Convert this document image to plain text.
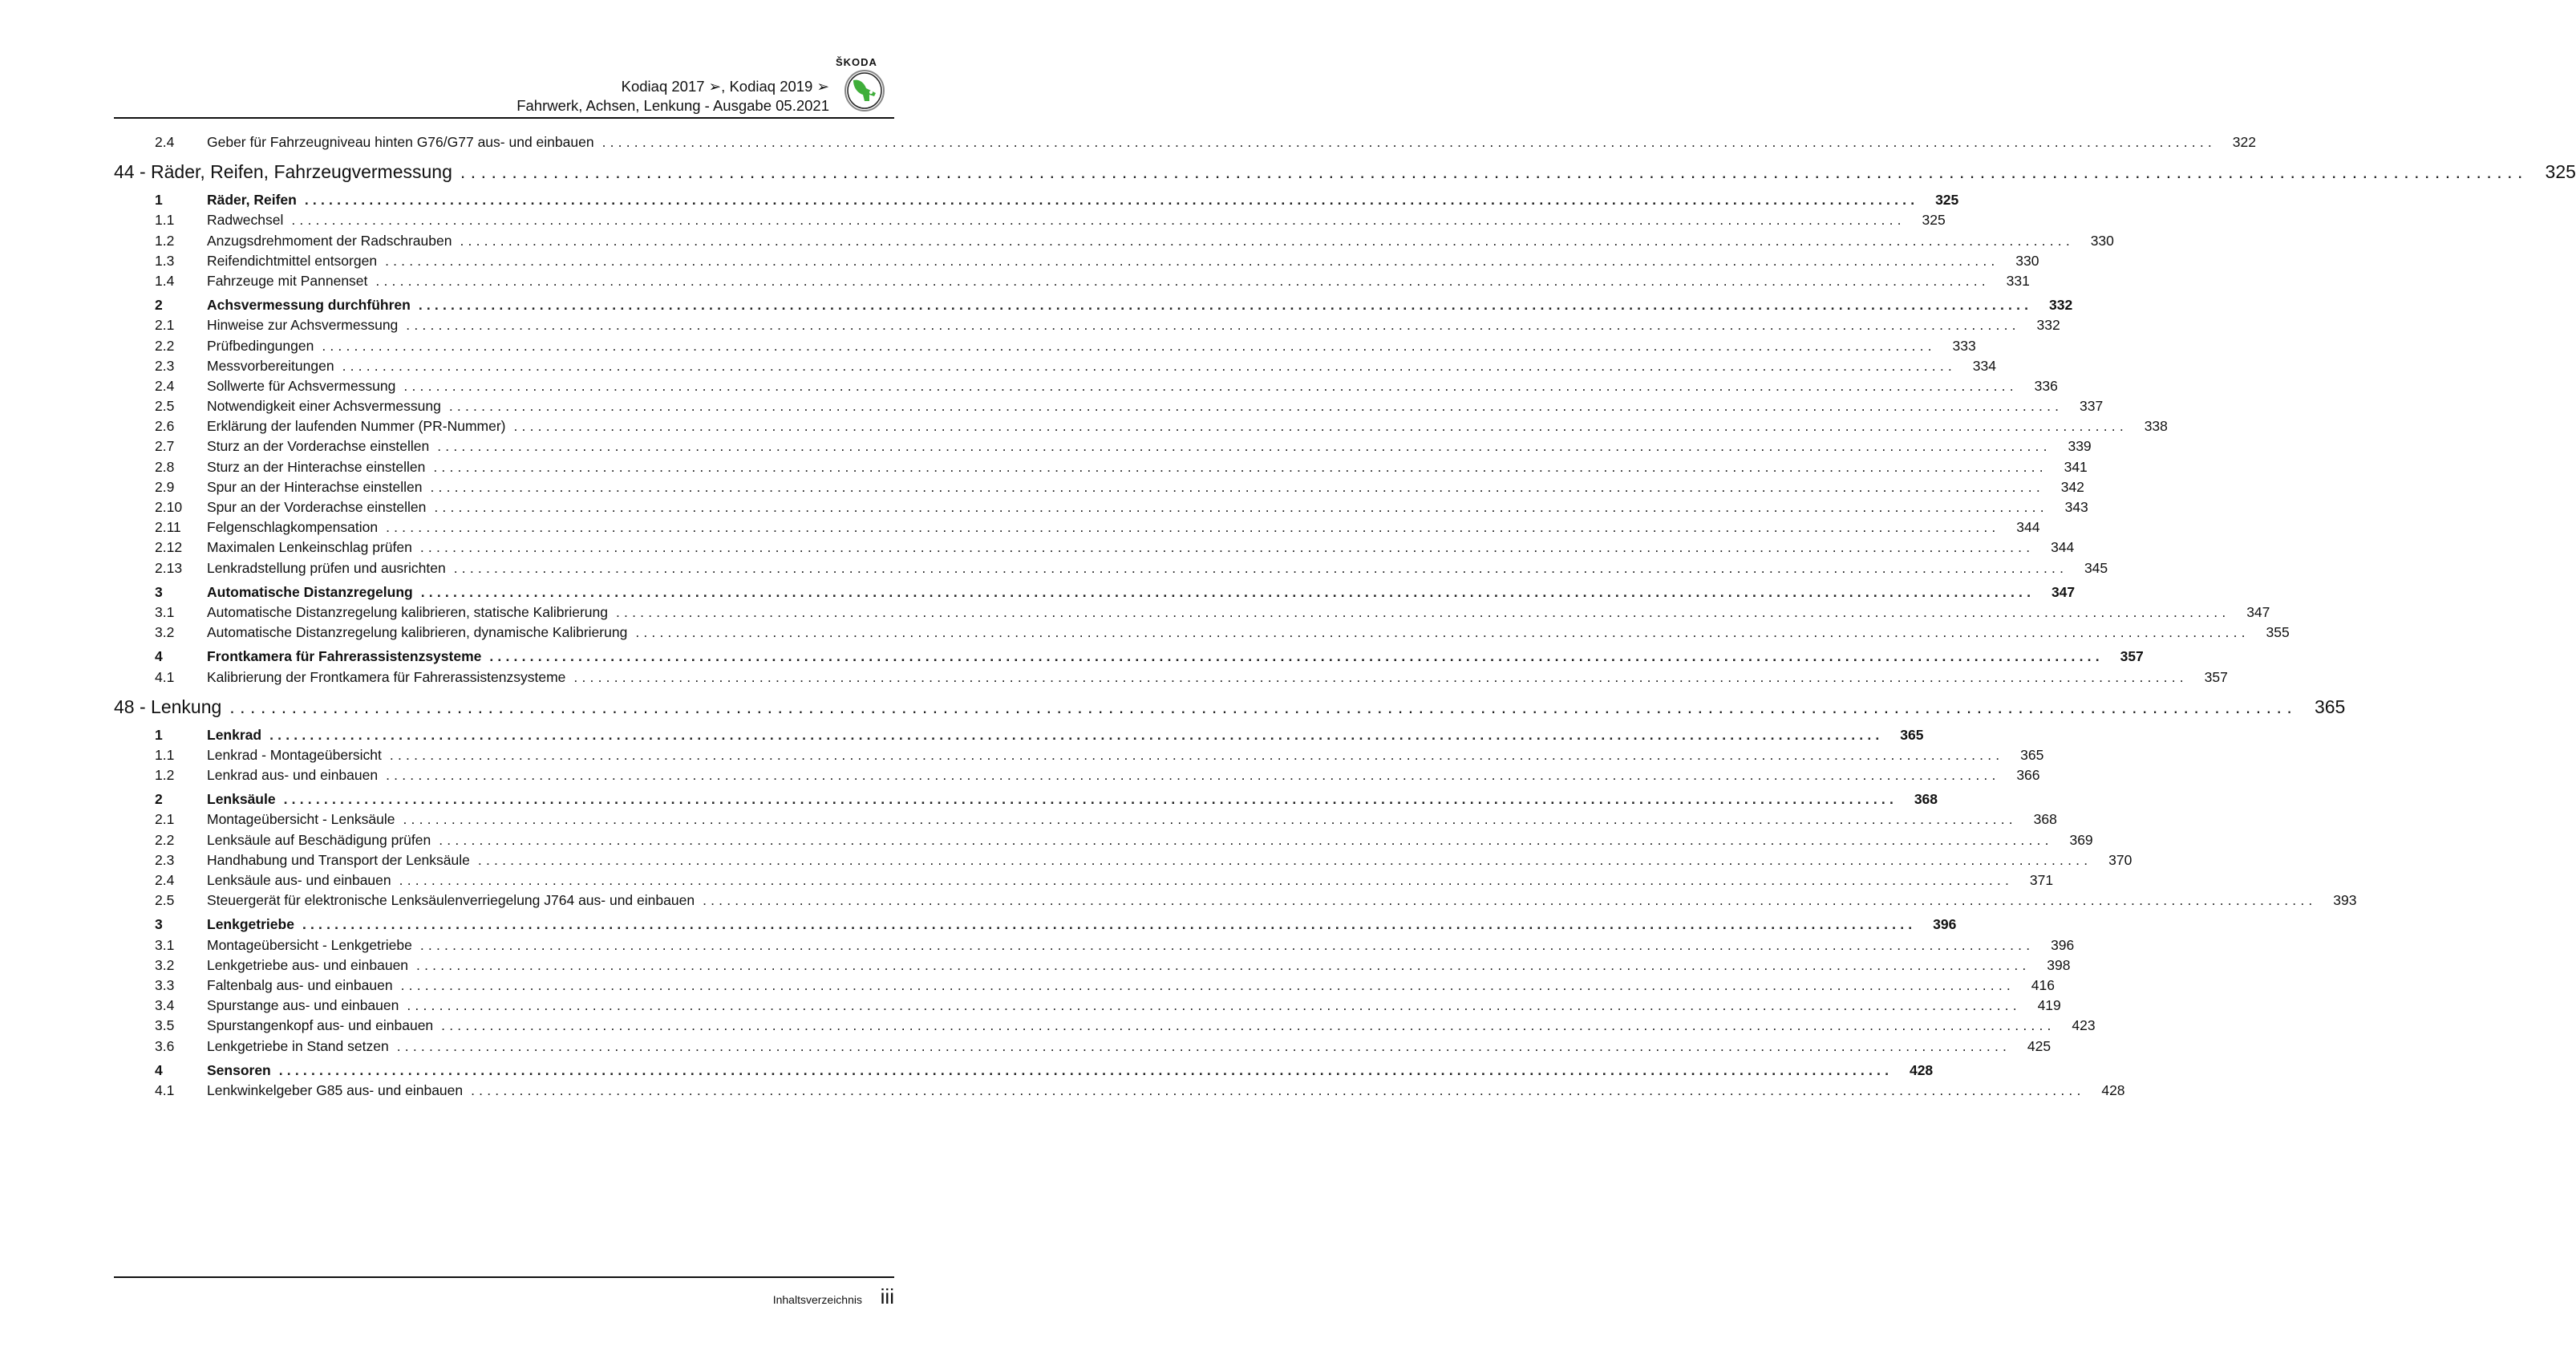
ŠKODA
Kodiaq 2017 ➢, Kodiaq 2019 ➢
Fahrwerk, Achsen, Lenkung - Ausgabe 05.2021
2.4	Geber für Fahrzeugniveau hinten G76/G77 aus- und einbauen ........................................................................................................................................................................................................	322
44 - Räder, Reifen, Fahrzeugvermessung ........................................................................................................................................................................................................ 325
1	Räder, Reifen ........................................................................................................................................................................................................	325
1.1	Radwechsel ........................................................................................................................................................................................................	325
1.2	Anzugsdrehmoment der Radschrauben ........................................................................................................................................................................................................	330
1.3	Reifendichtmittel entsorgen ........................................................................................................................................................................................................	330
1.4	Fahrzeuge mit Pannenset ........................................................................................................................................................................................................	331
2	Achsvermessung durchführen ........................................................................................................................................................................................................	332
2.1	Hinweise zur Achsvermessung ........................................................................................................................................................................................................	332
2.2	Prüfbedingungen ........................................................................................................................................................................................................	333
2.3	Messvorbereitungen ........................................................................................................................................................................................................	334
2.4	Sollwerte für Achsvermessung ........................................................................................................................................................................................................	336
2.5	Notwendigkeit einer Achsvermessung ........................................................................................................................................................................................................	337
2.6	Erklärung der laufenden Nummer (PR-Nummer) ........................................................................................................................................................................................................	338
2.7	Sturz an der Vorderachse einstellen ........................................................................................................................................................................................................	339
2.8	Sturz an der Hinterachse einstellen ........................................................................................................................................................................................................	341
2.9	Spur an der Hinterachse einstellen ........................................................................................................................................................................................................	342
2.10	Spur an der Vorderachse einstellen ........................................................................................................................................................................................................	343
2.11	Felgenschlagkompensation ........................................................................................................................................................................................................	344
2.12	Maximalen Lenkeinschlag prüfen ........................................................................................................................................................................................................	344
2.13	Lenkradstellung prüfen und ausrichten ........................................................................................................................................................................................................	345
3	Automatische Distanzregelung ........................................................................................................................................................................................................	347
3.1	Automatische Distanzregelung kalibrieren, statische Kalibrierung ........................................................................................................................................................................................................	347
3.2	Automatische Distanzregelung kalibrieren, dynamische Kalibrierung ........................................................................................................................................................................................................	355
4	Frontkamera für Fahrerassistenzsysteme ........................................................................................................................................................................................................	357
4.1	Kalibrierung der Frontkamera für Fahrerassistenzsysteme ........................................................................................................................................................................................................	357
48 - Lenkung ........................................................................................................................................................................................................ 365
1	Lenkrad ........................................................................................................................................................................................................	365
1.1	Lenkrad - Montageübersicht ........................................................................................................................................................................................................	365
1.2	Lenkrad aus- und einbauen ........................................................................................................................................................................................................	366
2	Lenksäule ........................................................................................................................................................................................................	368
2.1	Montageübersicht - Lenksäule ........................................................................................................................................................................................................	368
2.2	Lenksäule auf Beschädigung prüfen ........................................................................................................................................................................................................	369
2.3	Handhabung und Transport der Lenksäule ........................................................................................................................................................................................................	370
2.4	Lenksäule aus- und einbauen ........................................................................................................................................................................................................	371
2.5	Steuergerät für elektronische Lenksäulenverriegelung J764 aus- und einbauen ........................................................................................................................................................................................................	393
3	Lenkgetriebe ........................................................................................................................................................................................................	396
3.1	Montageübersicht - Lenkgetriebe ........................................................................................................................................................................................................	396
3.2	Lenkgetriebe aus- und einbauen ........................................................................................................................................................................................................	398
3.3	Faltenbalg aus- und einbauen ........................................................................................................................................................................................................	416
3.4	Spurstange aus- und einbauen ........................................................................................................................................................................................................	419
3.5	Spurstangenkopf aus- und einbauen ........................................................................................................................................................................................................	423
3.6	Lenkgetriebe in Stand setzen ........................................................................................................................................................................................................	425
4	Sensoren ........................................................................................................................................................................................................	428
4.1	Lenkwinkelgeber G85 aus- und einbauen ........................................................................................................................................................................................................	428
Inhaltsverzeichnis iii
